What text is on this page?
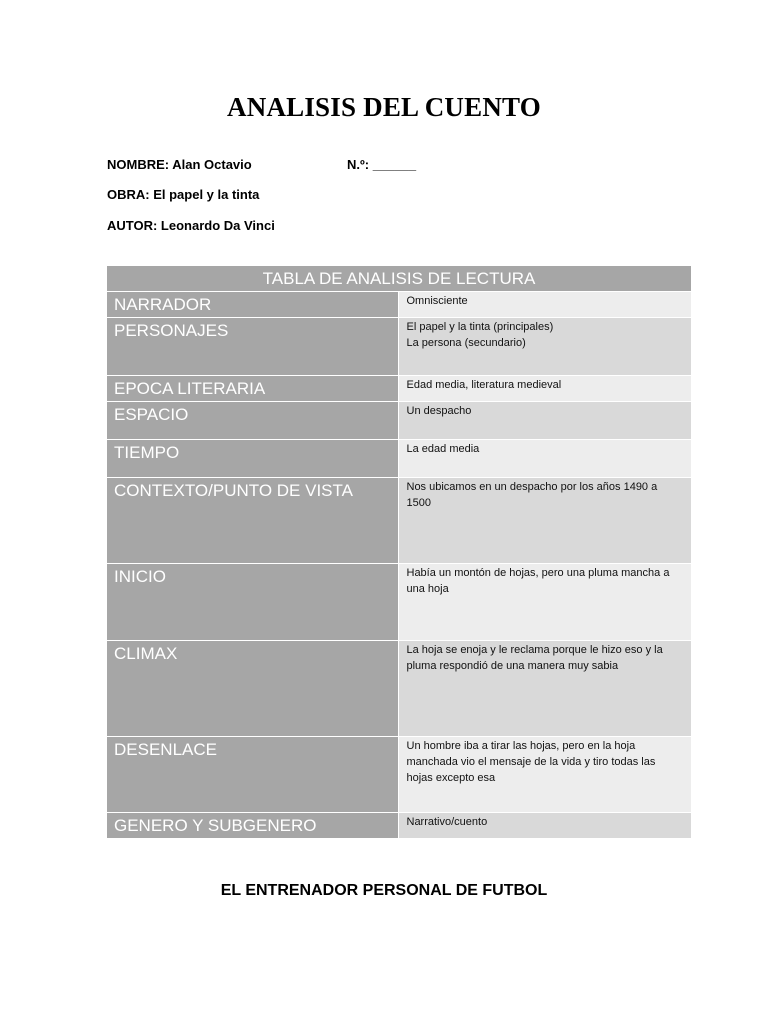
ANALISIS DEL CUENTO
NOMBRE: Alan Octavio	N.º: ______
OBRA: El papel y la tinta
AUTOR: Leonardo Da Vinci
TABLA DE ANALISIS DE LECTURA	
NARRADOR	Omnisciente

PERSONAJES	El papel y la tinta (principales)
La persona (secundario)

EPOCA LITERARIA	Edad media, literatura medieval

ESPACIO	Un despacho

TIEMPO	La edad media

CONTEXTO/PUNTO DE VISTA	Nos ubicamos en un despacho por los años 1490 a 1500

INICIO	Había un montón de hojas, pero una pluma mancha a una hoja

CLIMAX	La hoja se enoja y le reclama porque le hizo eso y la pluma respondió de una manera muy sabia

DESENLACE	Un hombre iba a tirar las hojas, pero en la hoja manchada vio el mensaje de la vida y tiro todas las hojas excepto esa

GENERO Y SUBGENERO	Narrativo/cuento
EL ENTRENADOR PERSONAL DE FUTBOL
